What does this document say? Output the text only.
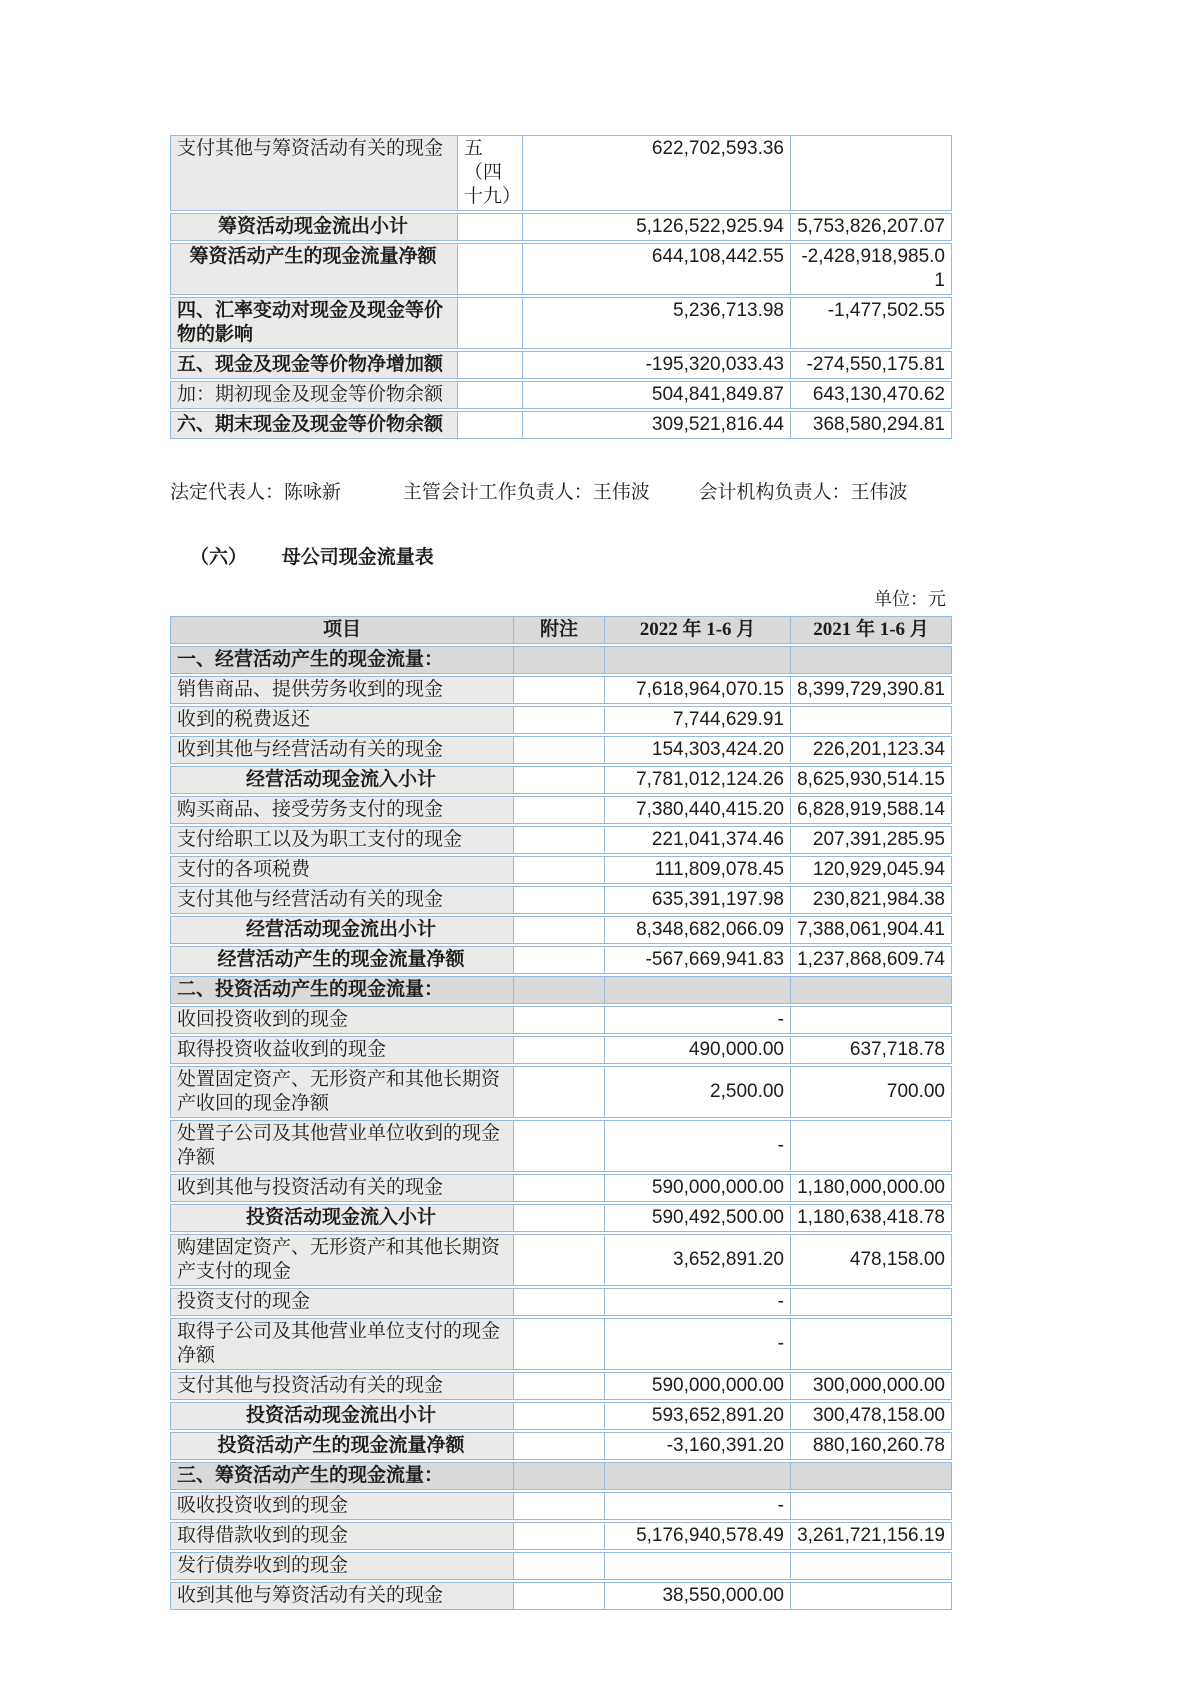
支付其他与筹资活动有关的现金	五（四十九）	622,702,593.36	
筹资活动现金流出小计		5,126,522,925.94	5,753,826,207.07
筹资活动产生的现金流量净额		644,108,442.55	-2,428,918,985.01
四、汇率变动对现金及现金等价物的影响		5,236,713.98	-1,477,502.55
五、现金及现金等价物净增加额		-195,320,033.43	-274,550,175.81
加：期初现金及现金等价物余额		504,841,849.87	643,130,470.62
六、期末现金及现金等价物余额		309,521,816.44	368,580,294.81
法定代表人：陈咏新	主管会计工作负责人：王伟波	会计机构负责人：王伟波
（六） 母公司现金流量表
单位：元
项目	附注	2022 年 1-6 月	2021 年 1-6 月
一、经营活动产生的现金流量：			
销售商品、提供劳务收到的现金		7,618,964,070.15	8,399,729,390.81
收到的税费返还		7,744,629.91	
收到其他与经营活动有关的现金		154,303,424.20	226,201,123.34
经营活动现金流入小计		7,781,012,124.26	8,625,930,514.15
购买商品、接受劳务支付的现金		7,380,440,415.20	6,828,919,588.14
支付给职工以及为职工支付的现金		221,041,374.46	207,391,285.95
支付的各项税费		111,809,078.45	120,929,045.94
支付其他与经营活动有关的现金		635,391,197.98	230,821,984.38
经营活动现金流出小计		8,348,682,066.09	7,388,061,904.41
经营活动产生的现金流量净额		-567,669,941.83	1,237,868,609.74
二、投资活动产生的现金流量：			
收回投资收到的现金		-	
取得投资收益收到的现金		490,000.00	637,718.78
处置固定资产、无形资产和其他长期资产收回的现金净额		2,500.00	700.00
处置子公司及其他营业单位收到的现金净额		-	
收到其他与投资活动有关的现金		590,000,000.00	1,180,000,000.00
投资活动现金流入小计		590,492,500.00	1,180,638,418.78
购建固定资产、无形资产和其他长期资产支付的现金		3,652,891.20	478,158.00
投资支付的现金		-	
取得子公司及其他营业单位支付的现金净额		-	
支付其他与投资活动有关的现金		590,000,000.00	300,000,000.00
投资活动现金流出小计		593,652,891.20	300,478,158.00
投资活动产生的现金流量净额		-3,160,391.20	880,160,260.78
三、筹资活动产生的现金流量：			
吸收投资收到的现金		-	
取得借款收到的现金		5,176,940,578.49	3,261,721,156.19
发行债券收到的现金			
收到其他与筹资活动有关的现金		38,550,000.00	
